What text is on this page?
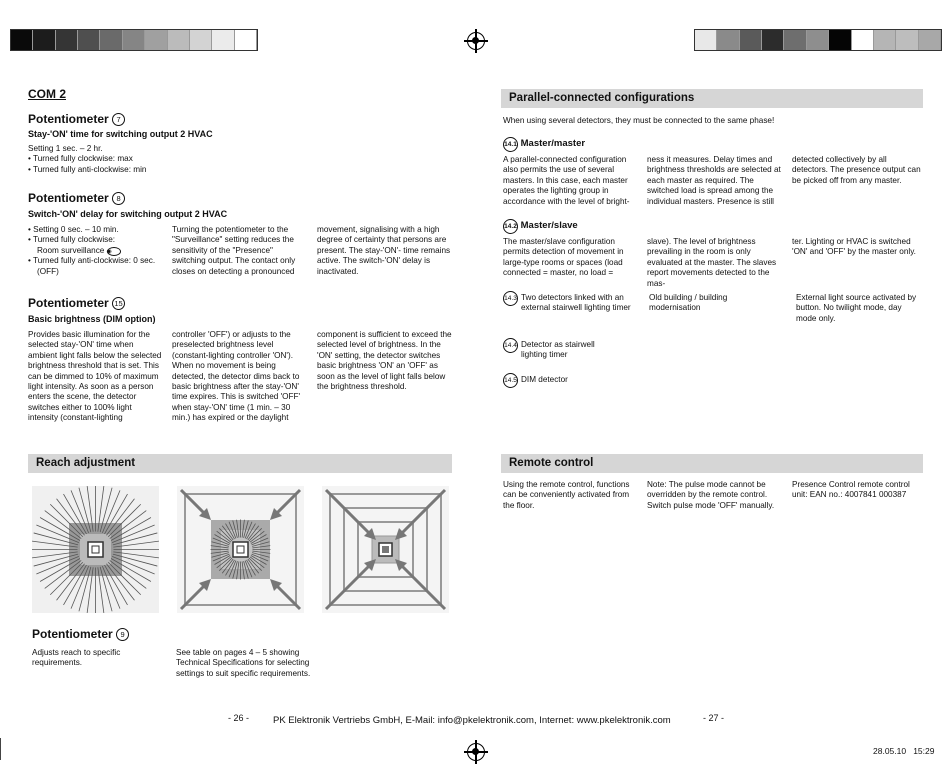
COM 2
Potentiometer 7
Stay-'ON' time for switching output 2 HVAC
Setting 1 sec. – 2 hr.
• Turned fully clockwise: max
• Turned fully anti-clockwise: min
Potentiometer 8
Switch-'ON' delay for switching output 2 HVAC
• Setting 0 sec. – 10 min.
• Turned fully clockwise:
Room surveillance ◉
• Turned fully anti-clockwise: 0 sec. (OFF)
Turning the potentiometer to the "Surveillance" setting reduces the sensitivity of the "Presence" switching output. The contact only closes on detecting a pronounced
movement, signalising with a high degree of certainty that persons are present. The stay-'ON'- time remains active. The switch-'ON' delay is inactivated.
Potentiometer 15
Basic brightness (DIM option)
Provides basic illumination for the selected stay-'ON' time when ambient light falls below the selected brightness threshold that is set. This can be dimmed to 10% of maximum light intensity. As soon as a person enters the scene, the detector switches either to 100% light intensity (constant-lighting
controller 'OFF') or adjusts to the preselected brightness level (constant-lighting controller 'ON'). When no movement is being detected, the detector dims back to basic brightness after the stay-'ON' time expires. This is switched 'OFF' when stay-'ON' time (1 min. – 30 min.) has expired or the daylight
component is sufficient to exceed the selected level of brightness. In the 'ON' setting, the detector switches basic brightness 'ON' an 'OFF' as soon as the level of light falls below the brightness threshold.
Reach adjustment
Potentiometer 9
Adjusts reach to specific requirements.
See table on pages 4 – 5 showing Technical Specifications for selecting settings to suit specific requirements.
- 26 -
Parallel-connected configurations
When using several detectors, they must be connected to the same phase!
14.1 Master/master
A parallel-connected configuration also permits the use of several masters. In this case, each master operates the lighting group in accordance with the level of bright-
ness it measures. Delay times and brightness thresholds are selected at each master as required. The switched load is spread among the individual masters. Presence is still
detected collectively by all detectors. The presence output can be picked off from any master.
14.2 Master/slave
The master/slave configuration permits detection of movement in large-type rooms or spaces (load connected = master, no load =
slave). The level of brightness prevailing in the room is only evaluated at the master. The slaves report movements detected to the mas-
ter. Lighting or HVAC is switched 'ON' and 'OFF' by the master only.
14.3 Two detectors linked with an external stairwell lighting timer
Old building / building modernisation
External light source activated by button. No twilight mode, day mode only.
14.4 Detector as stairwell lighting timer
14.5 DIM detector
Remote control
Using the remote control, functions can be conveniently activated from the floor.
Note: The pulse mode cannot be overridden by the remote control. Switch pulse mode 'OFF' manually.
Presence Control remote control unit: EAN no.: 4007841 000387
- 27 -
PK Elektronik Vertriebs GmbH, E-Mail: info@pkelektronik.com, Internet: www.pkelektronik.com
28.05.10 15:29
